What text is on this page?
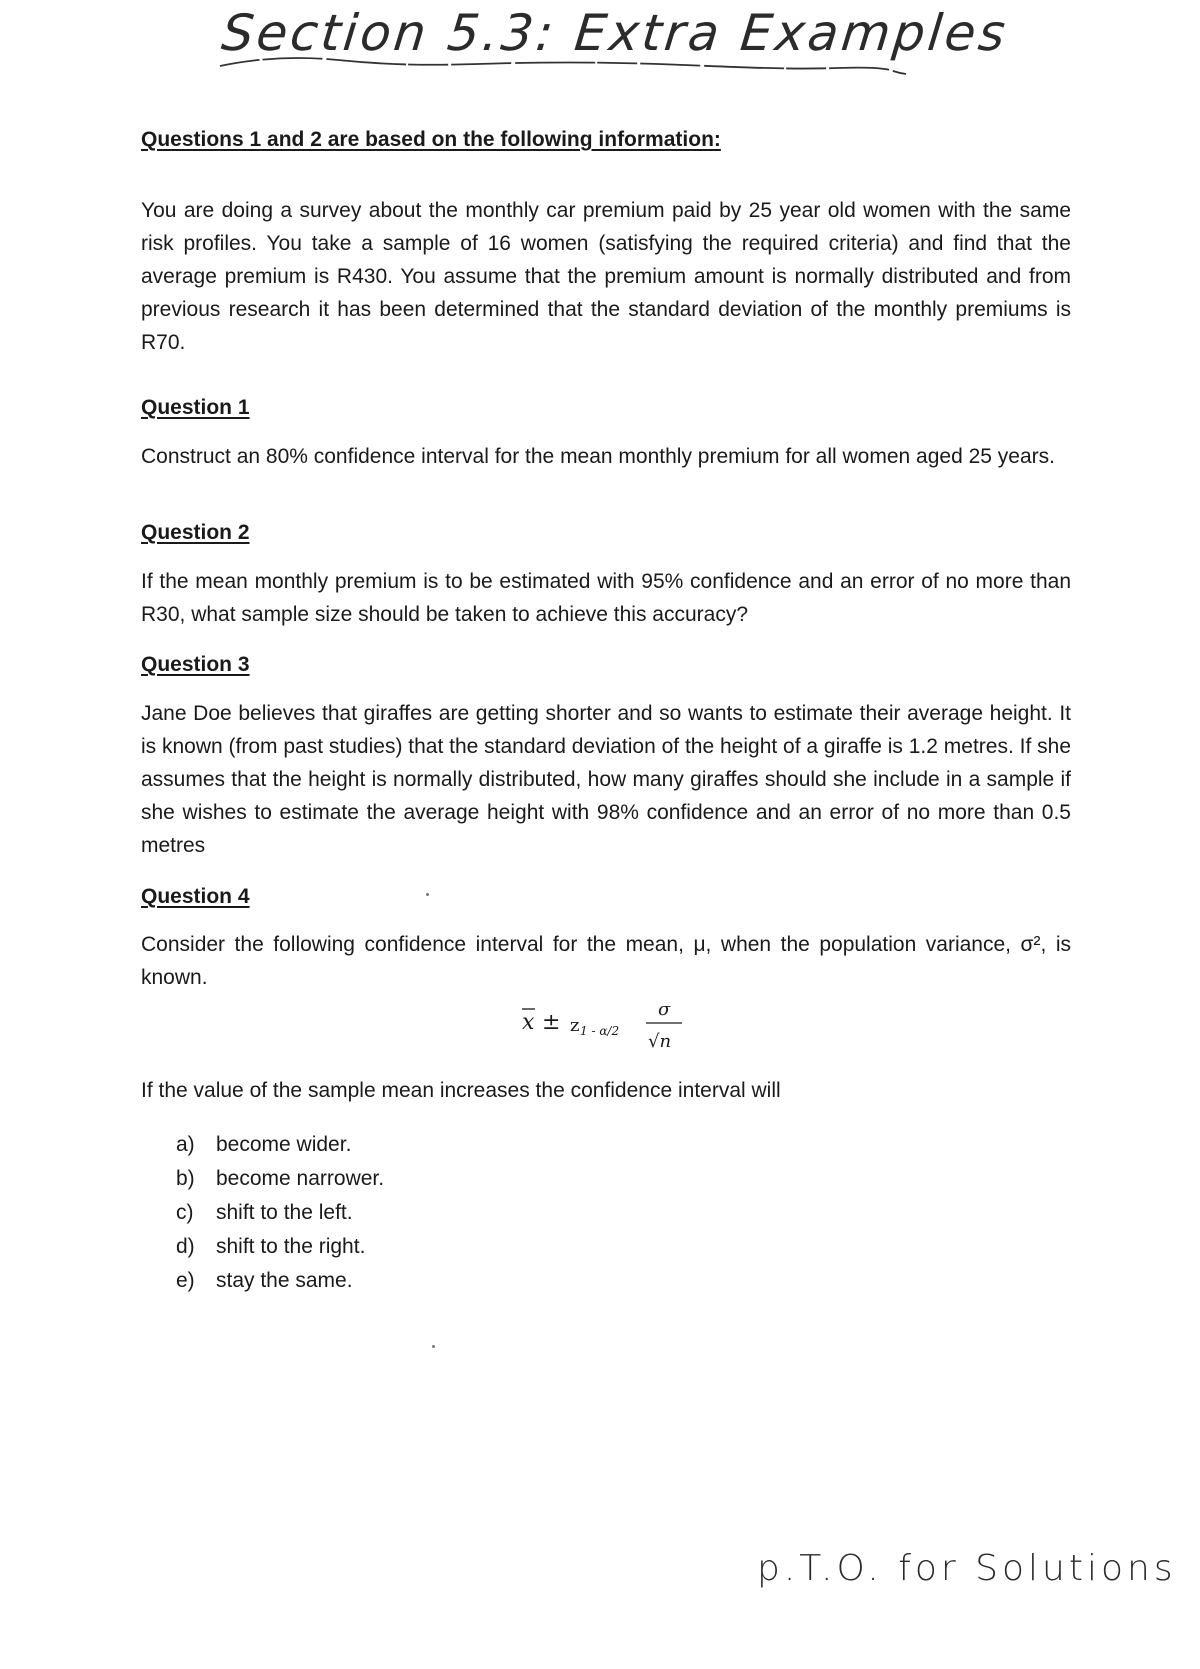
Section 5.3: Extra Examples
Questions 1 and 2 are based on the following information:
You are doing a survey about the monthly car premium paid by 25 year old women with the same risk profiles. You take a sample of 16 women (satisfying the required criteria) and find that the average premium is R430. You assume that the premium amount is normally distributed and from previous research it has been determined that the standard deviation of the monthly premiums is R70.
Question 1
Construct an 80% confidence interval for the mean monthly premium for all women aged 25 years.
Question 2
If the mean monthly premium is to be estimated with 95% confidence and an error of no more than R30, what sample size should be taken to achieve this accuracy?
Question 3
Jane Doe believes that giraffes are getting shorter and so wants to estimate their average height. It is known (from past studies) that the standard deviation of the height of a giraffe is 1.2 metres. If she assumes that the height is normally distributed, how many giraffes should she include in a sample if she wishes to estimate the average height with 98% confidence and an error of no more than 0.5 metres
Question 4
Consider the following confidence interval for the mean, μ, when the population variance, σ², is known.
x ± z 1 - α/2
σ
√n
If the value of the sample mean increases the confidence interval will
a)	become wider.
b)	become narrower.
c)	shift to the left.
d)	shift to the right.
e)	stay the same.
p.T.O. for Solutions
